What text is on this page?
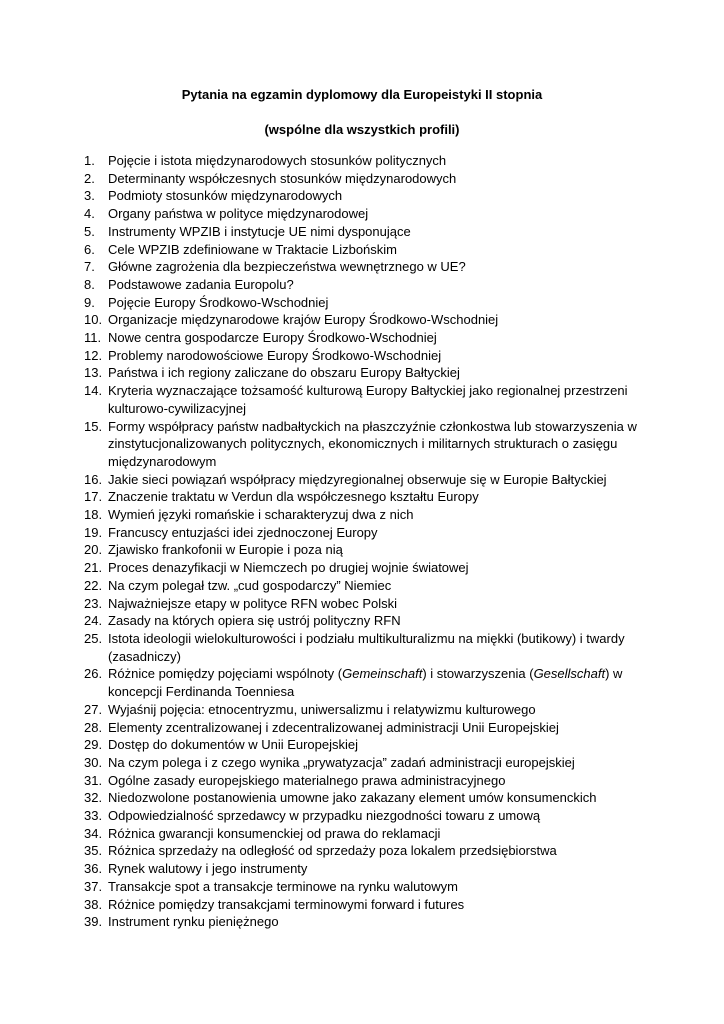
Pytania na egzamin dyplomowy dla Europeistyki II stopnia
(wspólne dla wszystkich profili)
1. Pojęcie i istota międzynarodowych stosunków politycznych
2. Determinanty współczesnych stosunków międzynarodowych
3. Podmioty stosunków międzynarodowych
4. Organy państwa w polityce międzynarodowej
5. Instrumenty WPZIB i instytucje UE nimi dysponujące
6. Cele WPZIB zdefiniowane w Traktacie Lizbońskim
7. Główne zagrożenia dla bezpieczeństwa wewnętrznego w UE?
8. Podstawowe zadania Europolu?
9. Pojęcie Europy Środkowo-Wschodniej
10. Organizacje międzynarodowe krajów Europy Środkowo-Wschodniej
11. Nowe centra gospodarcze Europy Środkowo-Wschodniej
12. Problemy narodowościowe Europy Środkowo-Wschodniej
13. Państwa i ich regiony zaliczane do obszaru Europy Bałtyckiej
14. Kryteria wyznaczające tożsamość kulturową Europy Bałtyckiej jako regionalnej przestrzeni kulturowo-cywilizacyjnej
15. Formy współpracy państw nadbałtyckich na płaszczyźnie członkostwa lub stowarzyszenia w zinstytucjonalizowanych politycznych, ekonomicznych i militarnych strukturach o zasięgu międzynarodowym
16. Jakie sieci powiązań współpracy międzyregionalnej obserwuje się w Europie Bałtyckiej
17. Znaczenie traktatu w Verdun dla współczesnego kształtu Europy
18. Wymień języki romańskie i scharakteryzuj dwa z nich
19. Francuscy entuzjaści idei zjednoczonej Europy
20. Zjawisko frankofonii w Europie i poza nią
21. Proces denazyfikacji w Niemczech po drugiej wojnie światowej
22. Na czym polegał tzw. „cud gospodarczy” Niemiec
23. Najważniejsze etapy w polityce RFN wobec Polski
24. Zasady na których opiera się ustrój polityczny RFN
25. Istota ideologii wielokulturowości i podziału multikulturalizmu na miękki (butikowy) i twardy (zasadniczy)
26. Różnice pomiędzy pojęciami wspólnoty (Gemeinschaft) i stowarzyszenia (Gesellschaft) w koncepcji Ferdinanda Toenniesa
27. Wyjaśnij pojęcia: etnocentryzmu, uniwersalizmu i relatywizmu kulturowego
28. Elementy zcentralizowanej i zdecentralizowanej administracji Unii Europejskiej
29. Dostęp do dokumentów w Unii Europejskiej
30. Na czym polega i z czego wynika „prywatyzacja” zadań administracji europejskiej
31. Ogólne zasady europejskiego materialnego prawa administracyjnego
32. Niedozwolone postanowienia umowne jako zakazany element umów konsumenckich
33. Odpowiedzialność sprzedawcy w przypadku niezgodności towaru z umową
34. Różnica gwarancji konsumenckiej od prawa do reklamacji
35. Różnica sprzedaży na odległość od sprzedaży poza lokalem przedsiębiorstwa
36. Rynek walutowy i jego instrumenty
37. Transakcje spot a transakcje terminowe na rynku walutowym
38. Różnice pomiędzy transakcjami terminowymi forward i futures
39. Instrument rynku pieniężnego
